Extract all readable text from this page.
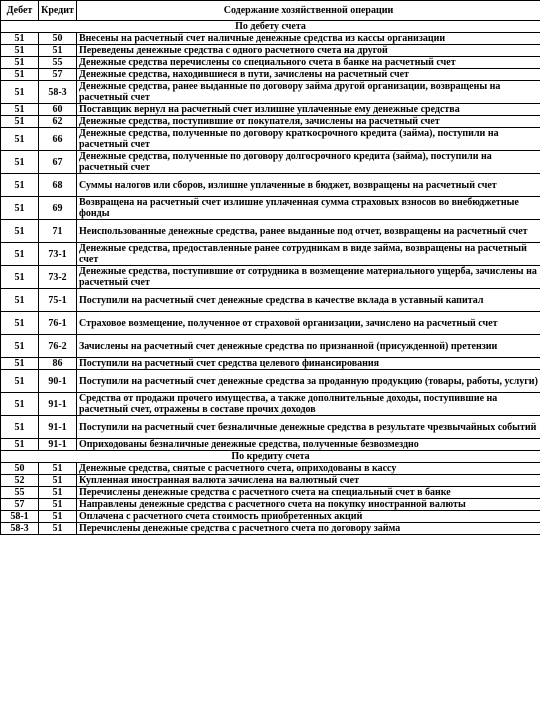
Дебет	Кредит	Содержание хозяйственной операции
По дебету счета		
51	50	Внесены на расчетный счет наличные денежные средства из кассы организации
51	51	Переведены денежные средства с одного расчетного счета на другой
51	55	Денежные средства перечислены со специального счета в банке на расчетный счет
51	57	Денежные средства, находившиеся в пути, зачислены на расчетный счет
51	58-3	Денежные средства, ранее выданные по договору займа другой организации, возвращены на расчетный счет
51	60	Поставщик вернул на расчетный счет излишне уплаченные ему денежные средства
51	62	Денежные средства, поступившие от покупателя, зачислены на расчетный счет
51	66	Денежные средства, полученные по договору краткосрочного кредита (займа), поступили на расчетный счет
51	67	Денежные средства, полученные по договору долгосрочного кредита (займа), поступили на расчетный счет
51	68	Суммы налогов или сборов, излишне уплаченные в бюджет, возвращены на расчетный счет
51	69	Возвращена на расчетный счет излишне уплаченная сумма страховых взносов во внебюджетные фонды
51	71	Неиспользованные денежные средства, ранее выданные под отчет, возвращены на расчетный счет
51	73-1	Денежные средства, предоставленные ранее сотрудникам в виде займа, возвращены на расчетный счет
51	73-2	Денежные средства, поступившие от сотрудника в возмещение материального ущерба, зачислены на расчетный счет
51	75-1	Поступили на расчетный счет денежные средства в качестве вклада в уставный капитал
51	76-1	Страховое возмещение, полученное от страховой организации, зачислено на расчетный счет
51	76-2	Зачислены на расчетный счет денежные средства по признанной (присужденной) претензии
51	86	Поступили на расчетный счет средства целевого финансирования
51	90-1	Поступили на расчетный счет денежные средства за проданную продукцию (товары, работы, услуги)
51	91-1	Средства от продажи прочего имущества, а также дополнительные доходы, поступившие на расчетный счет, отражены в составе прочих доходов
51	91-1	Поступили на расчетный счет безналичные денежные средства в результате чрезвычайных событий
51	91-1	Оприходованы безналичные денежные средства, полученные безвозмездно
По кредиту счета		
50	51	Денежные средства, снятые с расчетного счета, оприходованы в кассу
52	51	Купленная иностранная валюта зачислена на валютный счет
55	51	Перечислены денежные средства с расчетного счета на специальный счет в банке
57	51	Направлены денежные средства с расчетного счета на покупку иностранной валюты
58-1	51	Оплачена с расчетного счета стоимость приобретенных акций
58-3	51	Перечислены денежные средства с расчетного счета по договору займа
